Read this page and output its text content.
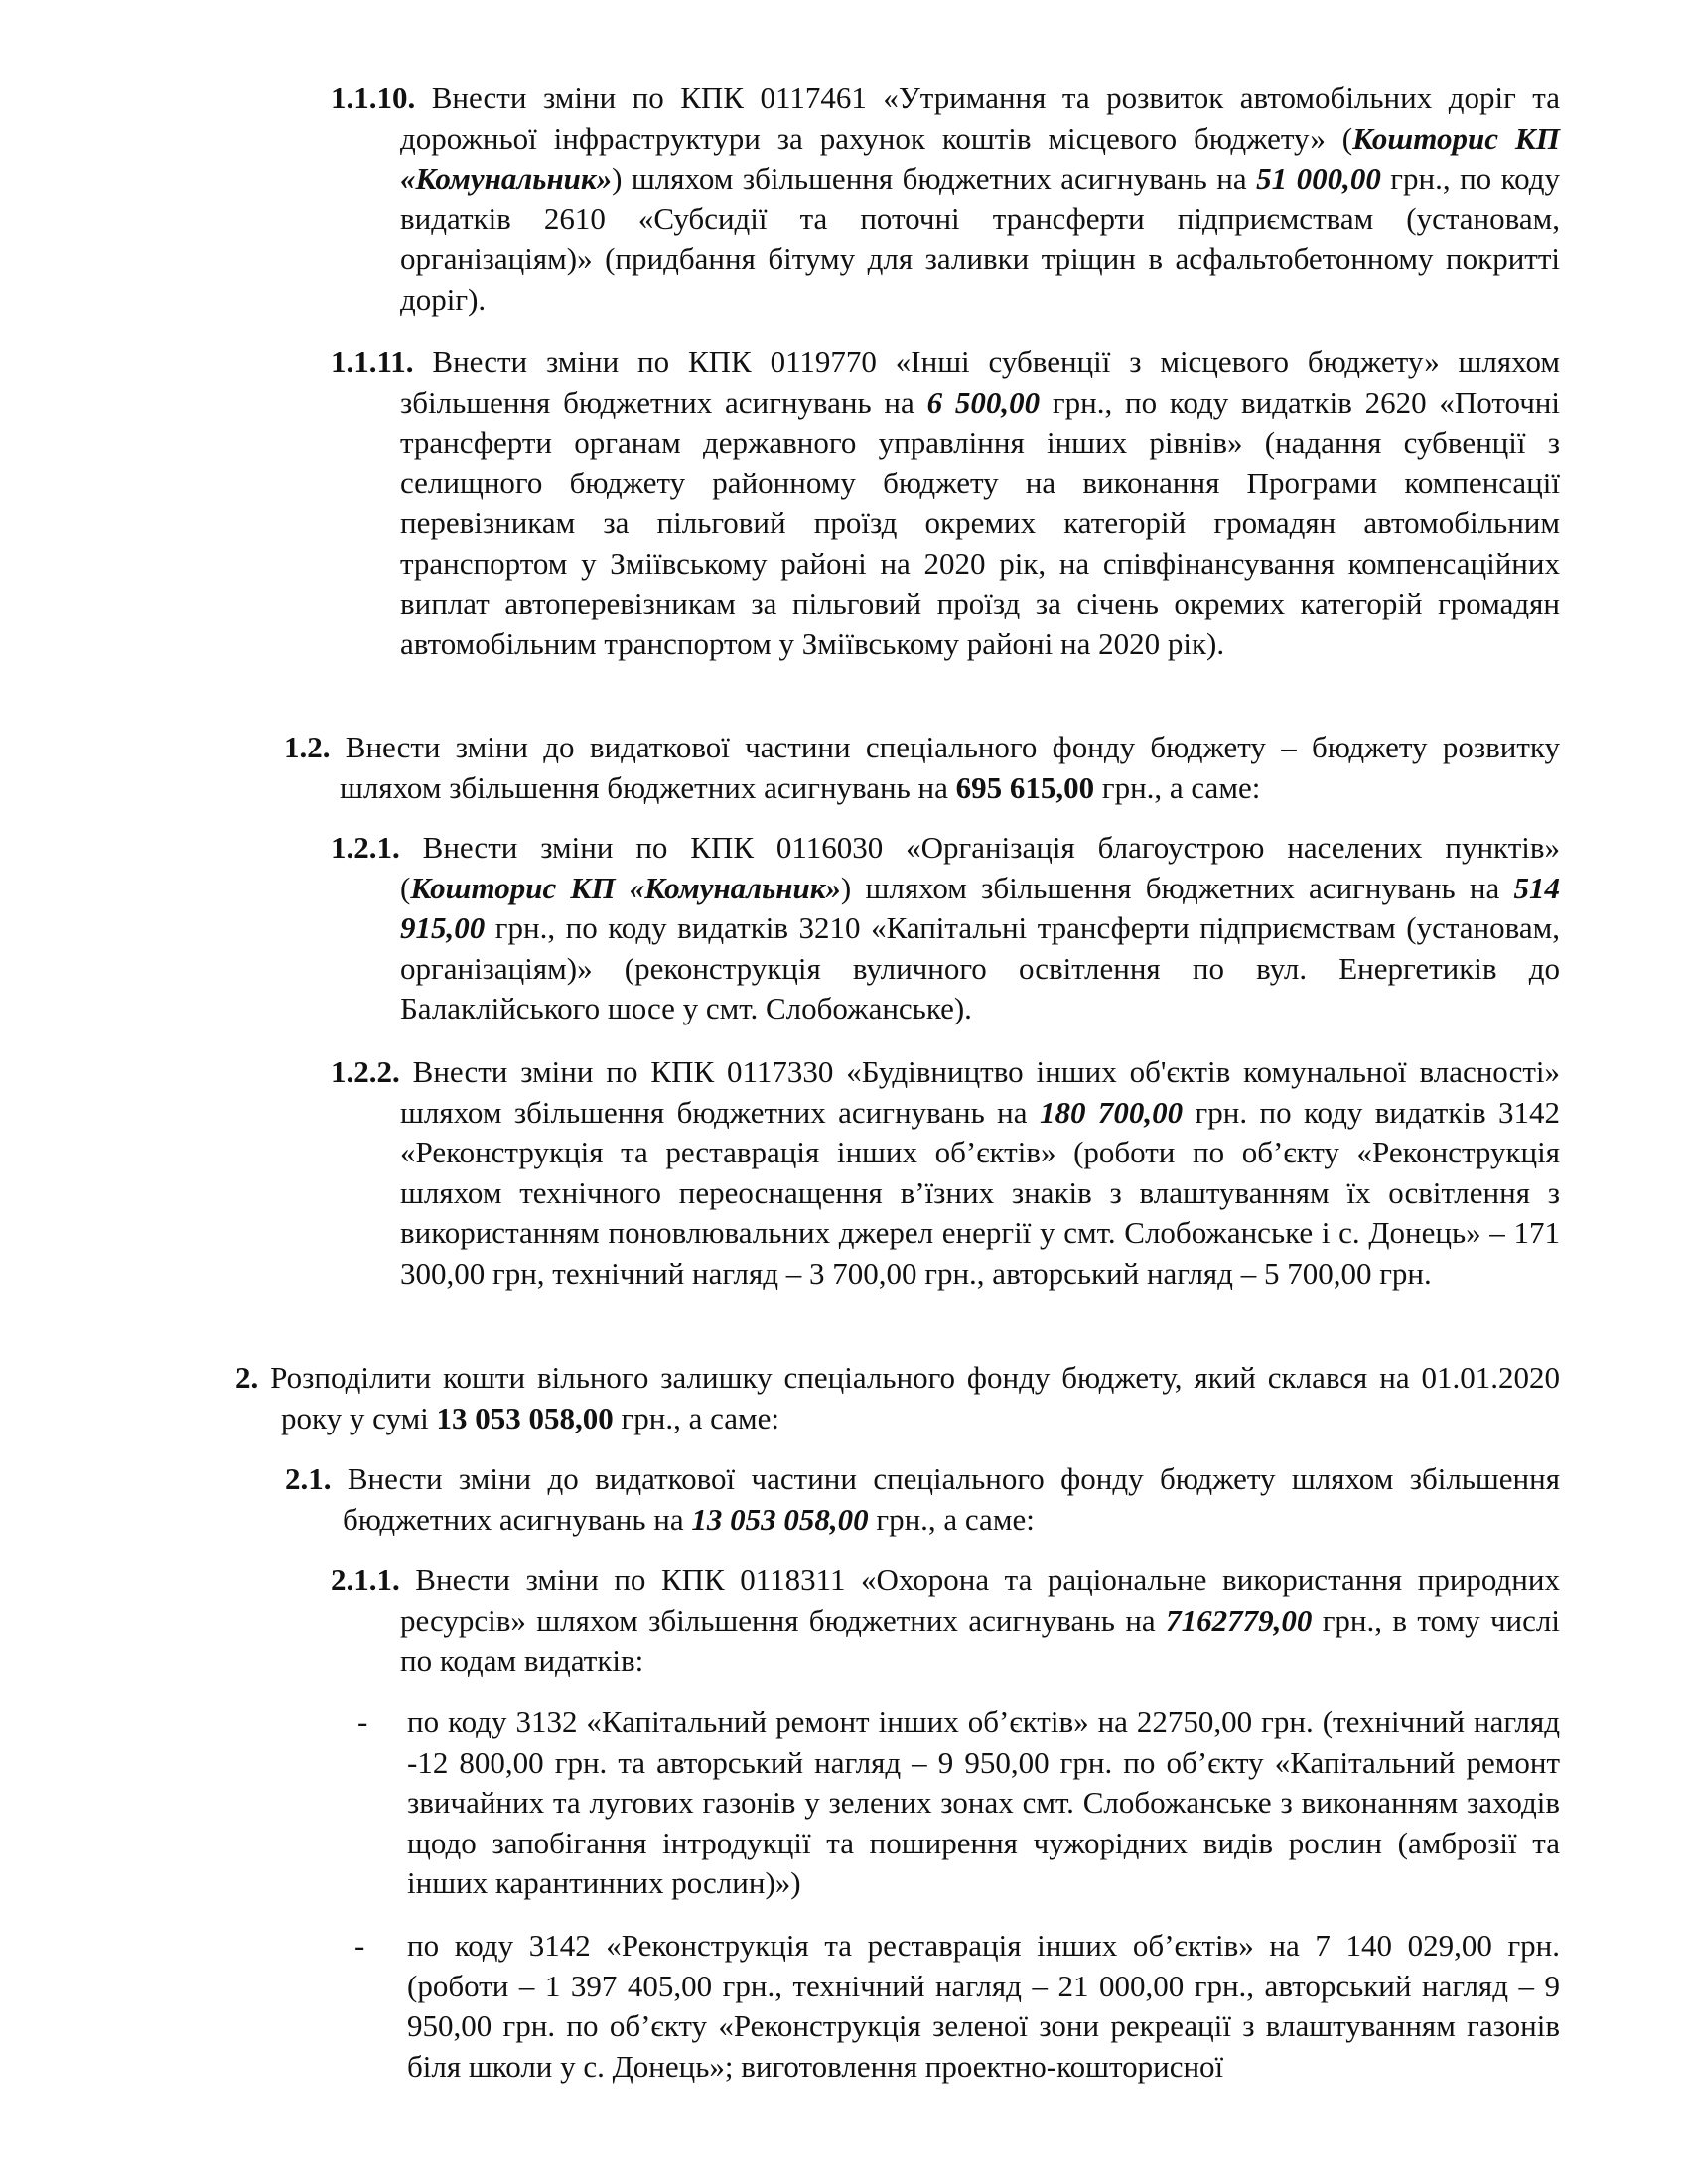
1.1.10. Внести зміни по КПК 0117461 «Утримання та розвиток автомобільних доріг та дорожньої інфраструктури за рахунок коштів місцевого бюджету» (Кошторис КП «Комунальник») шляхом збільшення бюджетних асигнувань на 51 000,00 грн., по коду видатків 2610 «Субсидії та поточні трансферти підприємствам (установам, організаціям)» (придбання бітуму для заливки тріщин в асфальтобетонному покритті доріг).
1.1.11. Внести зміни по КПК 0119770 «Інші субвенції з місцевого бюджету» шляхом збільшення бюджетних асигнувань на 6 500,00 грн., по коду видатків 2620 «Поточні трансферти органам державного управління інших рівнів» (надання субвенції з селищного бюджету районному бюджету на виконання Програми компенсації перевізникам за пільговий проїзд окремих категорій громадян автомобільним транспортом у Зміївському районі на 2020 рік, на співфінансування компенсаційних виплат автоперевізникам за пільговий проїзд за січень окремих категорій громадян автомобільним транспортом у Зміївському районі на 2020 рік).
1.2. Внести зміни до видаткової частини спеціального фонду бюджету – бюджету розвитку шляхом збільшення бюджетних асигнувань на 695 615,00 грн., а саме:
1.2.1. Внести зміни по КПК 0116030 «Організація благоустрою населених пунктів» (Кошторис КП «Комунальник») шляхом збільшення бюджетних асигнувань на 514 915,00 грн., по коду видатків 3210 «Капітальні трансферти підприємствам (установам, організаціям)» (реконструкція вуличного освітлення по вул. Енергетиків до Балаклійського шосе у смт. Слобожанське).
1.2.2. Внести зміни по КПК 0117330 «Будівництво інших об'єктів комунальної власності» шляхом збільшення бюджетних асигнувань на 180 700,00 грн. по коду видатків 3142 «Реконструкція та реставрація інших об’єктів» (роботи по об’єкту «Реконструкція шляхом технічного переоснащення в’їзних знаків з влаштуванням їх освітлення з використанням поновлювальних джерел енергії у смт. Слобожанське і с. Донець» – 171 300,00 грн, технічний нагляд – 3 700,00 грн., авторський нагляд – 5 700,00 грн.
2. Розподілити кошти вільного залишку спеціального фонду бюджету, який склався на 01.01.2020 року у сумі 13 053 058,00 грн., а саме:
2.1. Внести зміни до видаткової частини спеціального фонду бюджету шляхом збільшення бюджетних асигнувань на 13 053 058,00 грн., а саме:
2.1.1. Внести зміни по КПК 0118311 «Охорона та раціональне використання природних ресурсів» шляхом збільшення бюджетних асигнувань на 7162779,00 грн., в тому числі по кодам видатків:
- по коду 3132 «Капітальний ремонт інших об’єктів» на 22750,00 грн. (технічний нагляд -12 800,00 грн. та авторський нагляд – 9 950,00 грн. по об’єкту «Капітальний ремонт звичайних та лугових газонів у зелених зонах смт. Слобожанське з виконанням заходів щодо запобігання інтродукції та поширення чужорідних видів рослин (амброзії та інших карантинних рослин)»)
- по коду 3142 «Реконструкція та реставрація інших об’єктів» на 7 140 029,00 грн. (роботи – 1 397 405,00 грн., технічний нагляд – 21 000,00 грн., авторський нагляд – 9 950,00 грн. по об’єкту «Реконструкція зеленої зони рекреації з влаштуванням газонів біля школи у с. Донець»; виготовлення проектно-кошторисної
